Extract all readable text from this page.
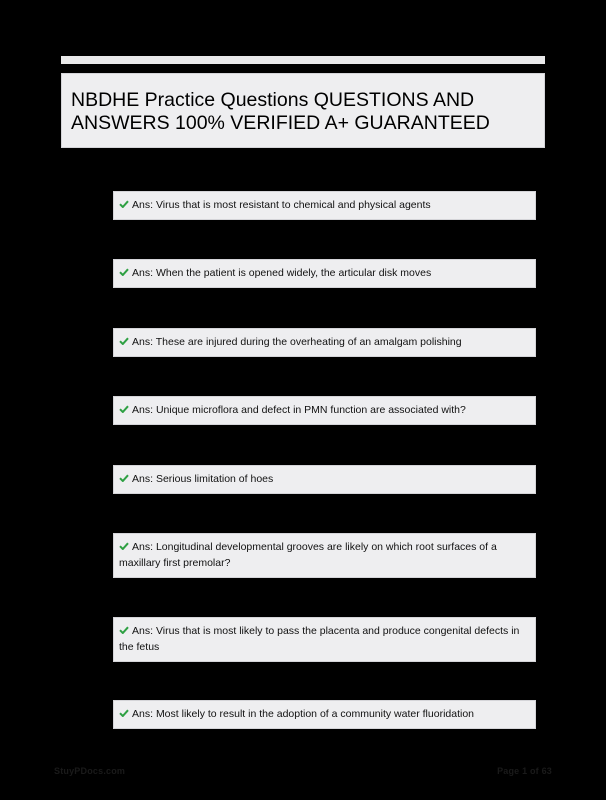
NBDHE Practice Questions QUESTIONS AND ANSWERS 100% VERIFIED A+ GUARANTEED
Ans: Virus that is most resistant to chemical and physical agents
Ans: When the patient is opened widely, the articular disk moves
Ans: These are injured during the overheating of an amalgam polishing
Ans: Unique microflora and defect in PMN function are associated with?
Ans: Serious limitation of hoes
Ans: Longitudinal developmental grooves are likely on which root surfaces of a maxillary first premolar?
Ans: Virus that is most likely to pass the placenta and produce congenital defects in the fetus
Ans: Most likely to result in the adoption of a community water fluoridation
StuyPDocs.com	Page 1 of 63
